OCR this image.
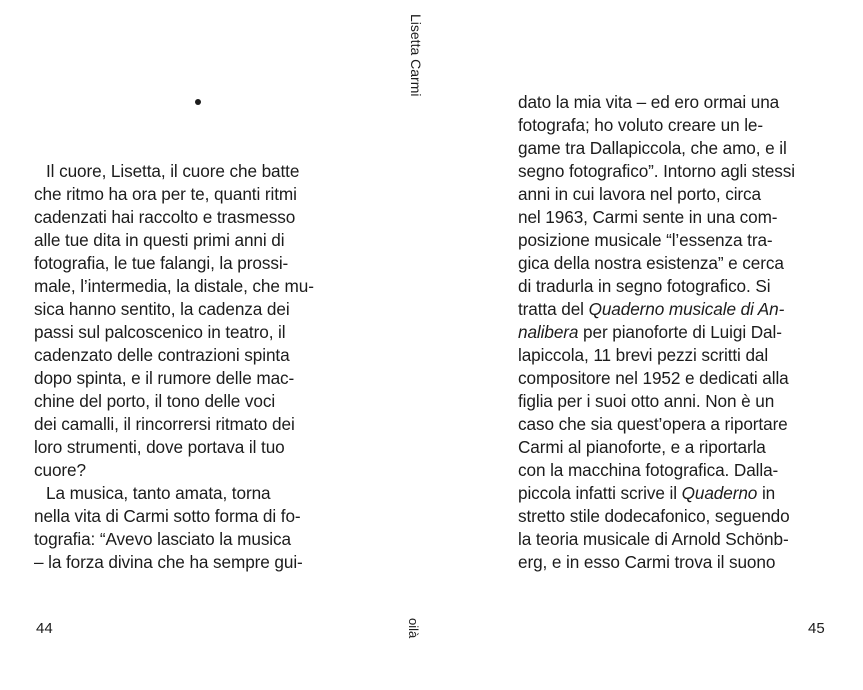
Il cuore, Lisetta, il cuore che batte
che ritmo ha ora per te, quanti ritmi
cadenzati hai raccolto e trasmesso
alle tue dita in questi primi anni di
fotografia, le tue falangi, la prossi-
male, l’intermedia, la distale, che mu-
sica hanno sentito, la cadenza dei
passi sul palcoscenico in teatro, il
cadenzato delle contrazioni spinta
dopo spinta, e il rumore delle mac-
chine del porto, il tono delle voci
dei camalli, il rincorrersi ritmato dei
loro strumenti, dove portava il tuo
cuore?
La musica, tanto amata, torna
nella vita di Carmi sotto forma di fo-
tografia: “Avevo lasciato la musica
– la forza divina che ha sempre gui-
44
Lisetta Carmi
oilà
dato la mia vita – ed ero ormai una
fotografa; ho voluto creare un le-
game tra Dallapiccola, che amo, e il
segno fotografico”. Intorno agli stessi
anni in cui lavora nel porto, circa
nel 1963, Carmi sente in una com-
posizione musicale “l’essenza tra-
gica della nostra esistenza” e cerca
di tradurla in segno fotografico. Si
tratta del Quaderno musicale di An-
nalibera per pianoforte di Luigi Dal-
lapiccola, 11 brevi pezzi scritti dal
compositore nel 1952 e dedicati alla
figlia per i suoi otto anni. Non è un
caso che sia quest’opera a riportare
Carmi al pianoforte, e a riportarla
con la macchina fotografica. Dalla-
piccola infatti scrive il Quaderno in
stretto stile dodecafonico, seguendo
la teoria musicale di Arnold Schönb-
erg, e in esso Carmi trova il suono
45
